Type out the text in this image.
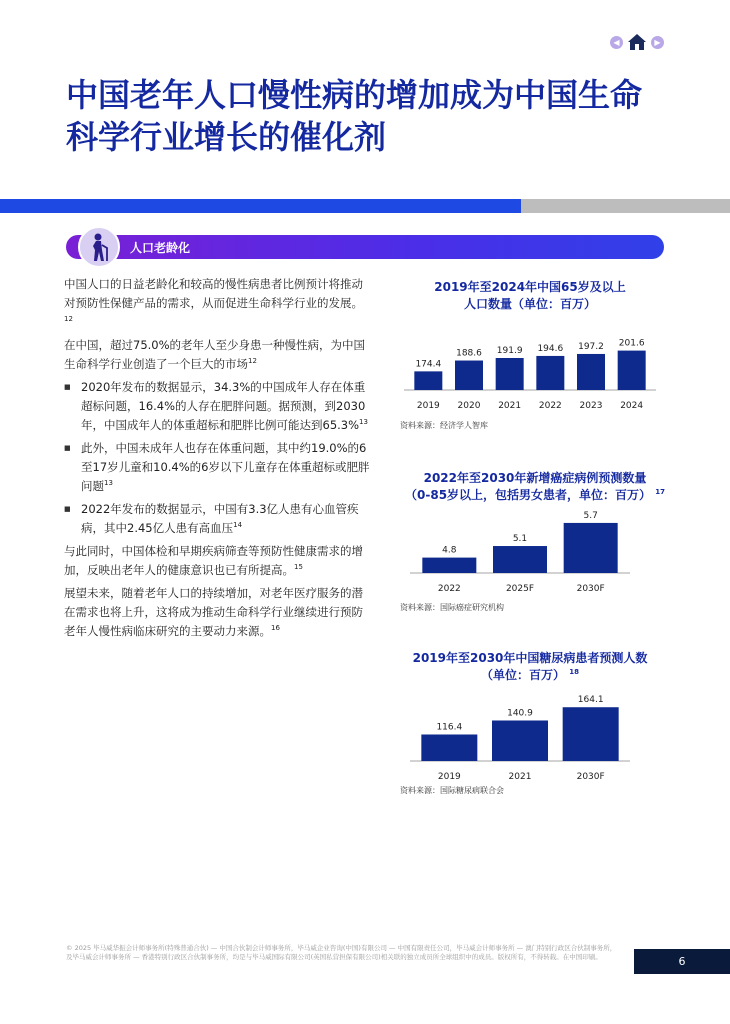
◀	▶
中国老年人口慢性病的增加成为中国生命科学行业增长的催化剂
人口老龄化

中国人口的日益老龄化和较高的慢性病患者比例预计将推动对预防性保健产品的需求，从而促进生命科学行业的发展。$^{12}$

在中国，超过75.0%的老年人至少身患一种慢性病，为中国生命科学行业创造了一个巨大的市场$^{12}$

■ 2020年发布的数据显示，34.3%的中国成年人存在体重超标问题，16.4%的人存在肥胖问题。据预测，到2030年，中国成年人的体重超标和肥胖比例可能达到65.3%$^{13}$
■ 此外，中国未成年人也存在体重问题，其中约19.0%的6至17岁儿童和10.4%的6岁以下儿童存在体重超标或肥胖问题$^{13}$
■ 2022年发布的数据显示，中国有3.3亿人患有心血管疾病，其中2.45亿人患有高血压$^{14}$

与此同时，中国体检和早期疾病筛查等预防性健康需求的增加，反映出老年人的健康意识也已有所提高。$^{15}$

展望未来，随着老年人口的持续增加，对老年医疗服务的潜在需求也将上升，这将成为推动生命科学行业继续进行预防老年人慢性病临床研究的主要动力来源。$^{16}$

2019年至2024年中国65岁及以上
人口数量（单位：百万）
174.4
2019
188.6
2020
191.9
2021
194.6
2022
197.2
2023
201.6
2024
资料来源：经济学人智库
2022年至2030年新增癌症病例预测数量
（0-85岁以上，包括男女患者，单位：百万） $^{17}$
4.8
2022
5.1
2025F
5.7
2030F
资料来源：国际癌症研究机构
2019年至2030年中国糖尿病患者预测人数
（单位：百万） $^{18}$
116.4
2019
140.9
2021
164.1
2030F
资料来源：国际糖尿病联合会
© 2025 毕马威华振会计师事务所(特殊普通合伙) — 中国合伙制会计师事务所，毕马威企业咨询(中国)有限公司 — 中国有限责任公司，毕马威会计师事务所 — 澳门特别行政区合伙制事务所，及毕马威会计师事务所 — 香港特别行政区合伙制事务所，均是与毕马威国际有限公司(英国私营担保有限公司)相关联的独立成员所全球组织中的成员。版权所有，不得转载。在中国印刷。	6
